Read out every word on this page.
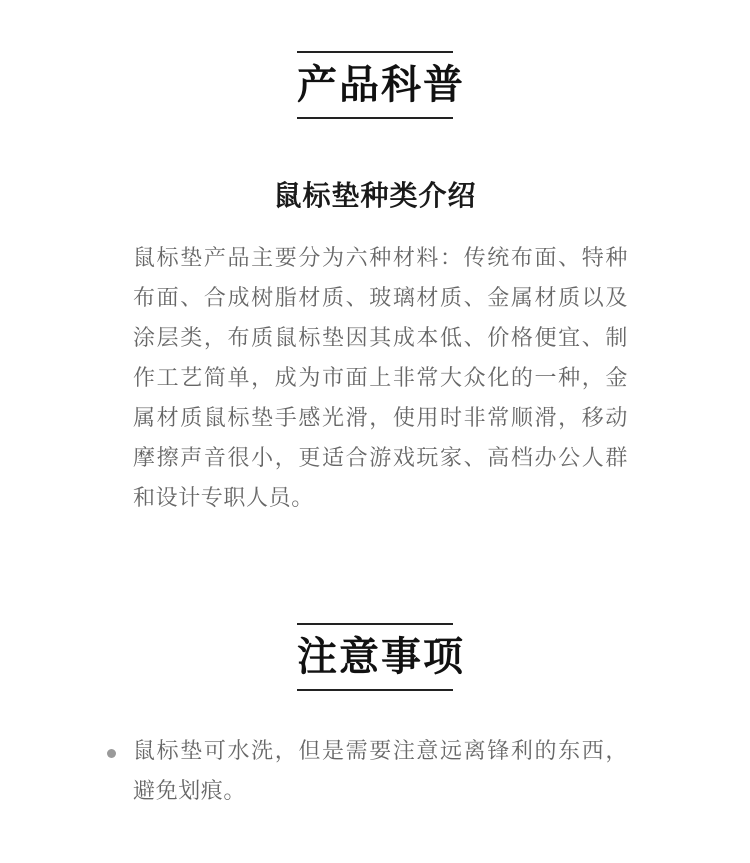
产品科普
鼠标垫种类介绍

鼠标垫产品主要分为六种材料：传统布面、特种布面、合成树脂材质、玻璃材质、金属材质以及涂层类，布质鼠标垫因其成本低、价格便宜、制作工艺简单，成为市面上非常大众化的一种，金属材质鼠标垫手感光滑，使用时非常顺滑，移动摩擦声音很小，更适合游戏玩家、高档办公人群和设计专职人员。

注意事项
鼠标垫可水洗，但是需要注意远离锋利的东西，避免划痕。
